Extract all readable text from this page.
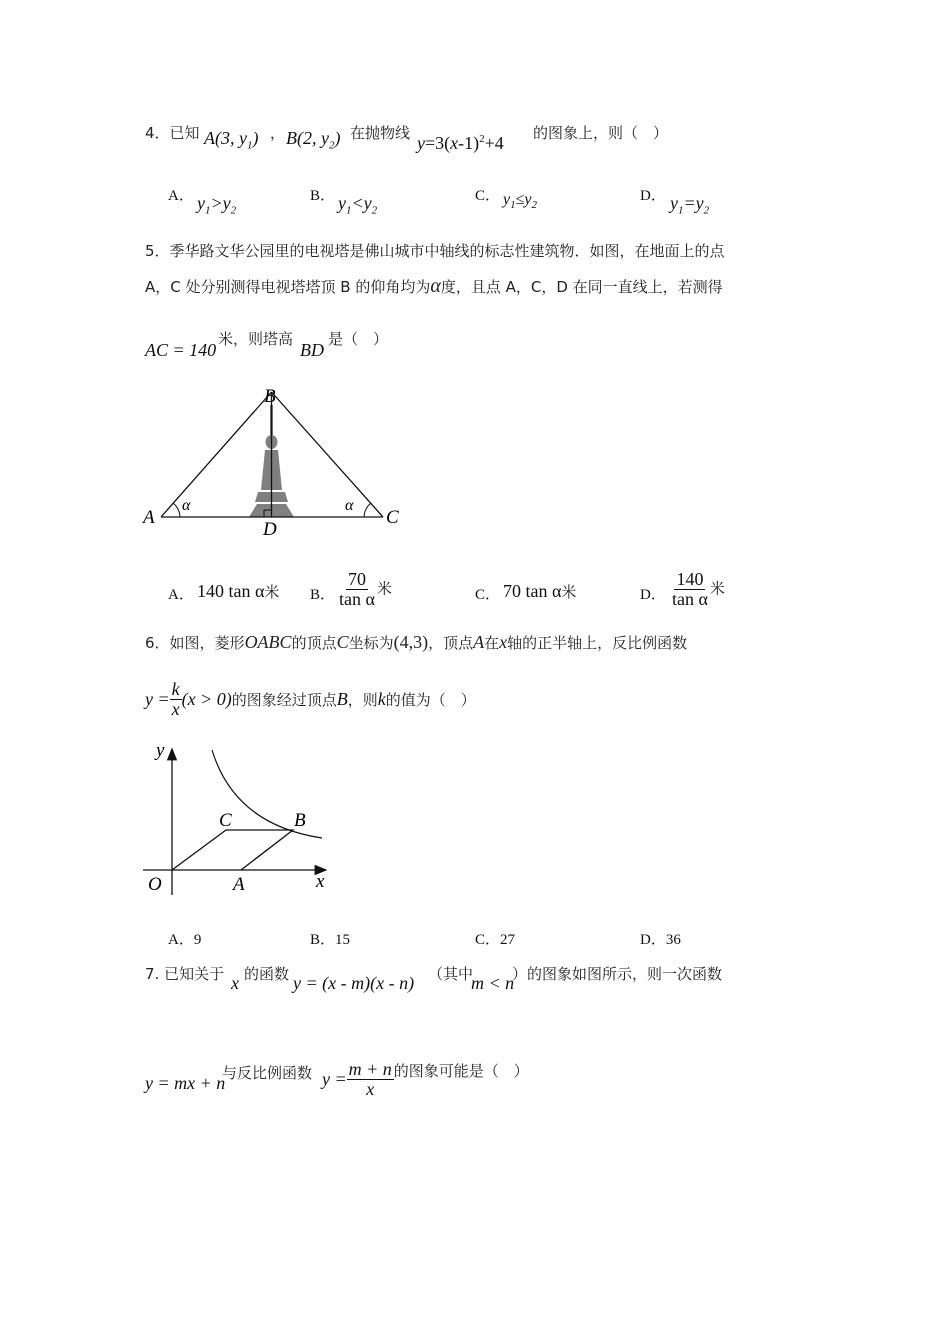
4．已知 A(3, $y_1$) ， B(2, $y_2$) 在抛物线 $y=3(x-1)^2+4$ 的图象上，则（　）
A． $y_1>y_2$
B． $y_1<y_2$
C． $y_1\le y_2$
D． $y_1=y_2$
5．季华路文华公园里的电视塔是佛山城市中轴线的标志性建筑物．如图，在地面上的点
A，C 处分别测得电视塔塔顶 B 的仰角均为α度，且点 A，C，D 在同一直线上，若测得
AC = 140
米，则塔高
BD
是（　）
B
A	C
D
α	α
A． 140 tan α米 B． $\frac{70}{\text{tan α}}$ 米	C． 70 tan α米	D． $\frac{140}{\text{tan α}}$ 米
6．如图，菱形OABC的顶点C坐标为(4,3)，顶点A在x轴的正半轴上，反比例函数
$y = \frac{k}{x} (x > 0)$ 的图象经过顶点 B ，则 k 的值为（　）
y
x
O	A
C	B
A．9	B．15	C．27	D．36
7. 已知关于 x 的函数 y = (x - m)(x - n) （其中
m < n
）的图象如图所示，则一次函数
y = mx + n
与反比例函数 $y = \frac{m + n}{x}$ 的图象可能是（　）
